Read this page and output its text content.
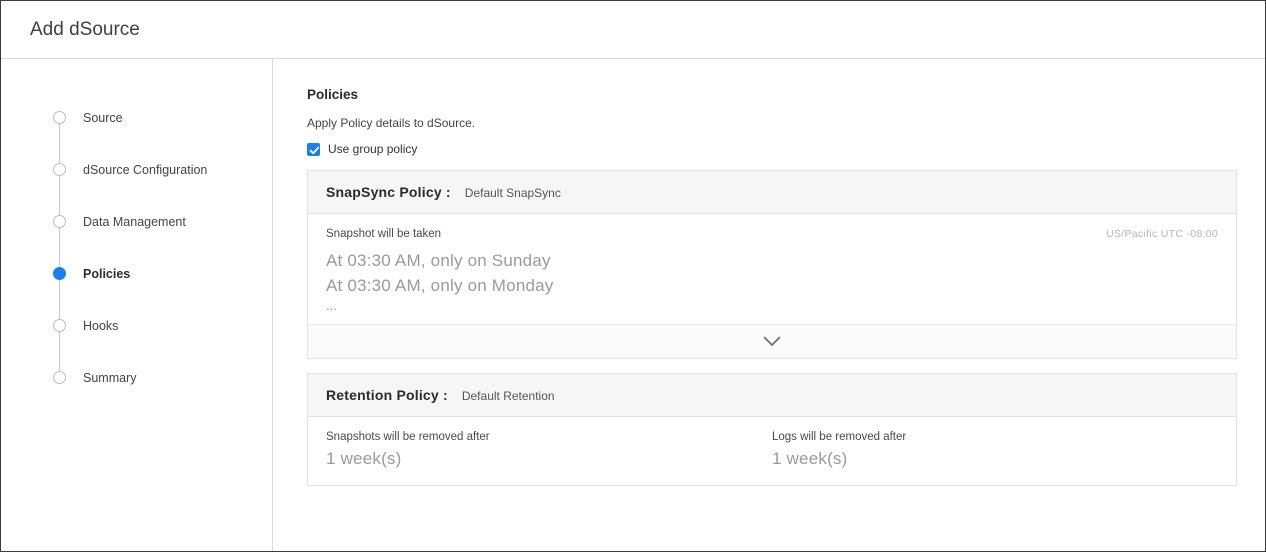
Add dSource
Source
dSource Configuration
Data Management
Policies
Hooks
Summary
Policies
Apply Policy details to dSource.
Use group policy
SnapSync Policy : Default SnapSync
Snapshot will be taken	US/Pacific UTC -08:00
At 03:30 AM, only on Sunday
At 03:30 AM, only on Monday
...
Retention Policy : Default Retention
Snapshots will be removed after
1 week(s)
Logs will be removed after
1 week(s)
